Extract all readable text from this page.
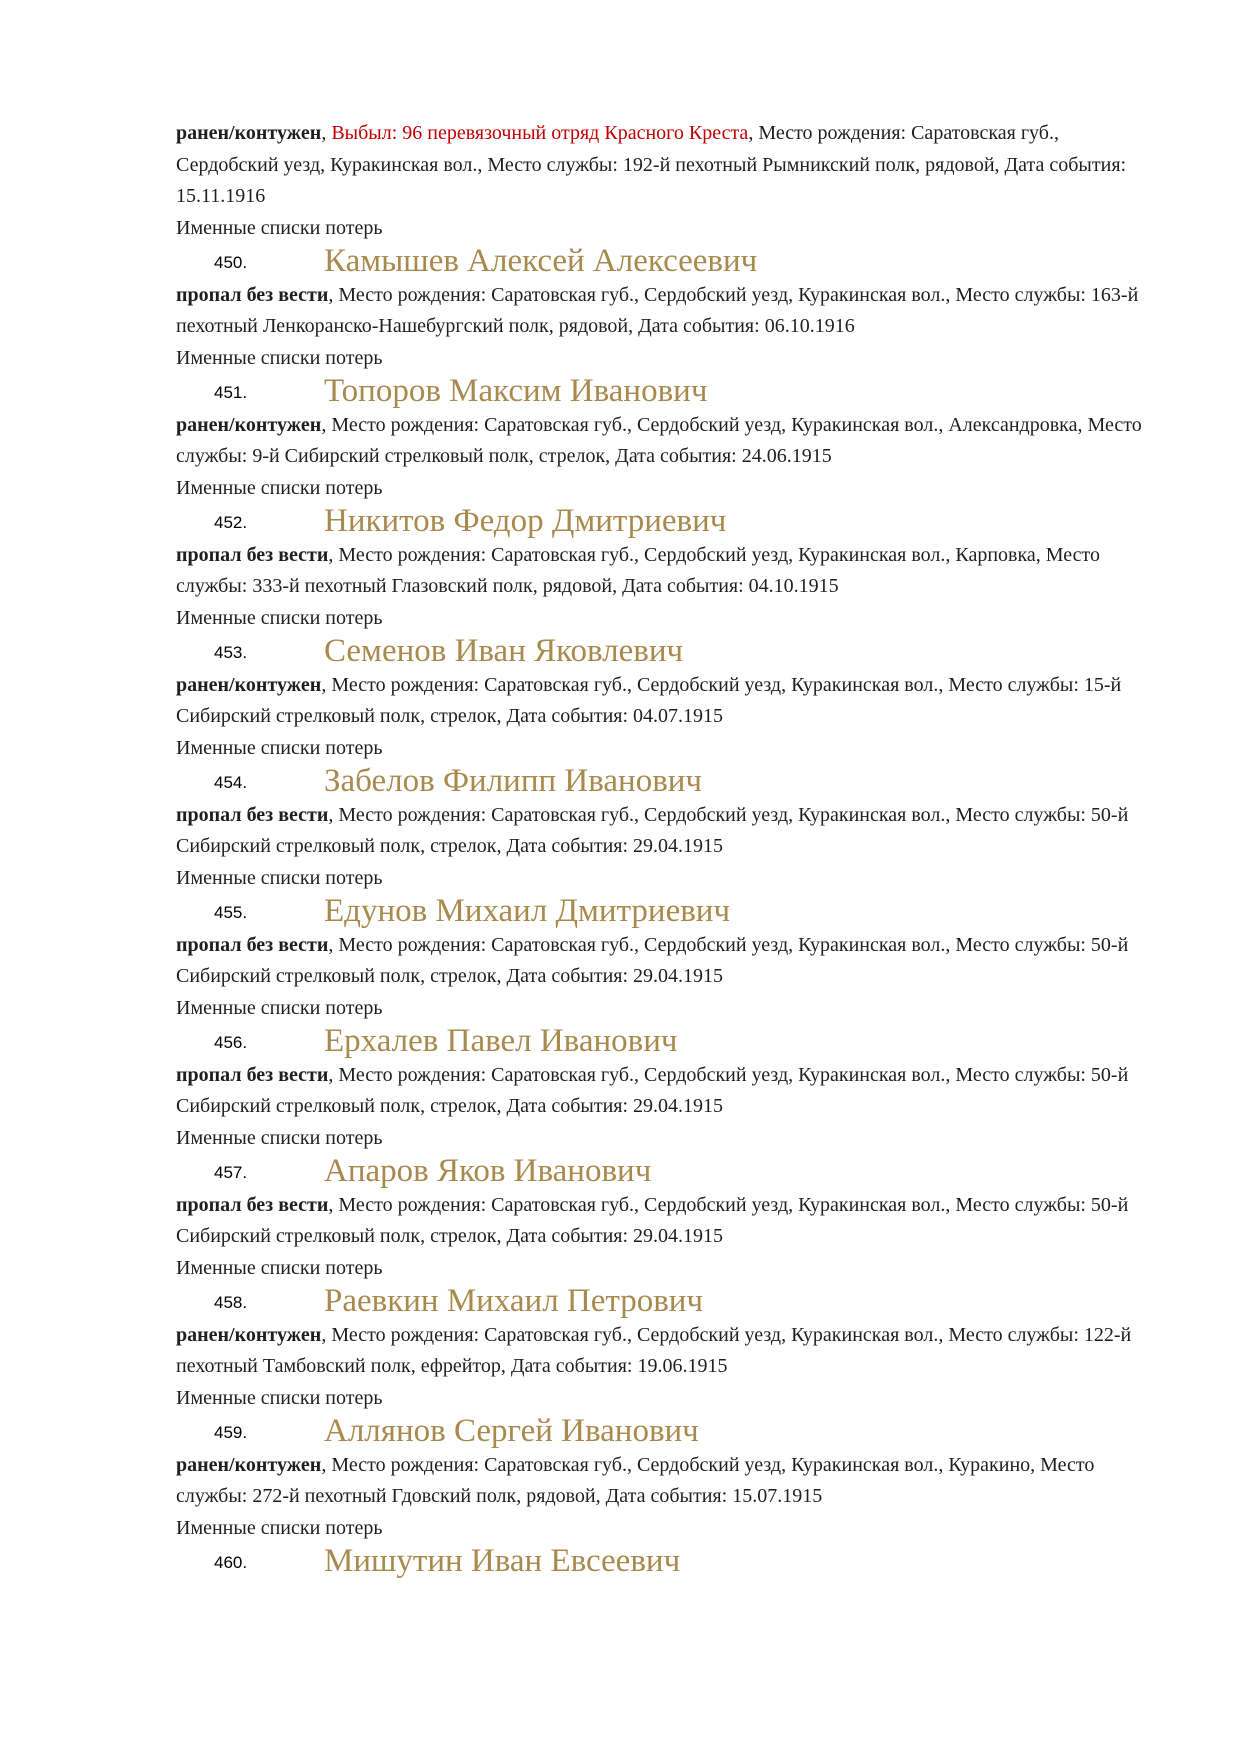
ранен/контужен, Выбыл: 96 перевязочный отряд Красного Креста, Место рождения: Саратовская губ., Сердобский уезд, Куракинская вол., Место службы: 192-й пехотный Рымникский полк, рядовой, Дата события: 15.11.1916

Именные списки потерь

450. Камышев Алексей Алексеевич

пропал без вести, Место рождения: Саратовская губ., Сердобский уезд, Куракинская вол., Место службы: 163-й пехотный Ленкоранско-Нашебургский полк, рядовой, Дата события: 06.10.1916

Именные списки потерь

451. Топоров Максим Иванович

ранен/контужен, Место рождения: Саратовская губ., Сердобский уезд, Куракинская вол., Александровка, Место службы: 9-й Сибирский стрелковый полк, стрелок, Дата события: 24.06.1915

Именные списки потерь

452. Никитов Федор Дмитриевич

пропал без вести, Место рождения: Саратовская губ., Сердобский уезд, Куракинская вол., Карповка, Место службы: 333-й пехотный Глазовский полк, рядовой, Дата события: 04.10.1915

Именные списки потерь

453. Семенов Иван Яковлевич

ранен/контужен, Место рождения: Саратовская губ., Сердобский уезд, Куракинская вол., Место службы: 15-й Сибирский стрелковый полк, стрелок, Дата события: 04.07.1915

Именные списки потерь

454. Забелов Филипп Иванович

пропал без вести, Место рождения: Саратовская губ., Сердобский уезд, Куракинская вол., Место службы: 50-й Сибирский стрелковый полк, стрелок, Дата события: 29.04.1915

Именные списки потерь

455. Едунов Михаил Дмитриевич

пропал без вести, Место рождения: Саратовская губ., Сердобский уезд, Куракинская вол., Место службы: 50-й Сибирский стрелковый полк, стрелок, Дата события: 29.04.1915

Именные списки потерь

456. Ерхалев Павел Иванович

пропал без вести, Место рождения: Саратовская губ., Сердобский уезд, Куракинская вол., Место службы: 50-й Сибирский стрелковый полк, стрелок, Дата события: 29.04.1915

Именные списки потерь

457. Апаров Яков Иванович

пропал без вести, Место рождения: Саратовская губ., Сердобский уезд, Куракинская вол., Место службы: 50-й Сибирский стрелковый полк, стрелок, Дата события: 29.04.1915

Именные списки потерь

458. Раевкин Михаил Петрович

ранен/контужен, Место рождения: Саратовская губ., Сердобский уезд, Куракинская вол., Место службы: 122-й пехотный Тамбовский полк, ефрейтор, Дата события: 19.06.1915

Именные списки потерь

459. Аллянов Сергей Иванович

ранен/контужен, Место рождения: Саратовская губ., Сердобский уезд, Куракинская вол., Куракино, Место службы: 272-й пехотный Гдовский полк, рядовой, Дата события: 15.07.1915

Именные списки потерь

460. Мишутин Иван Евсеевич
